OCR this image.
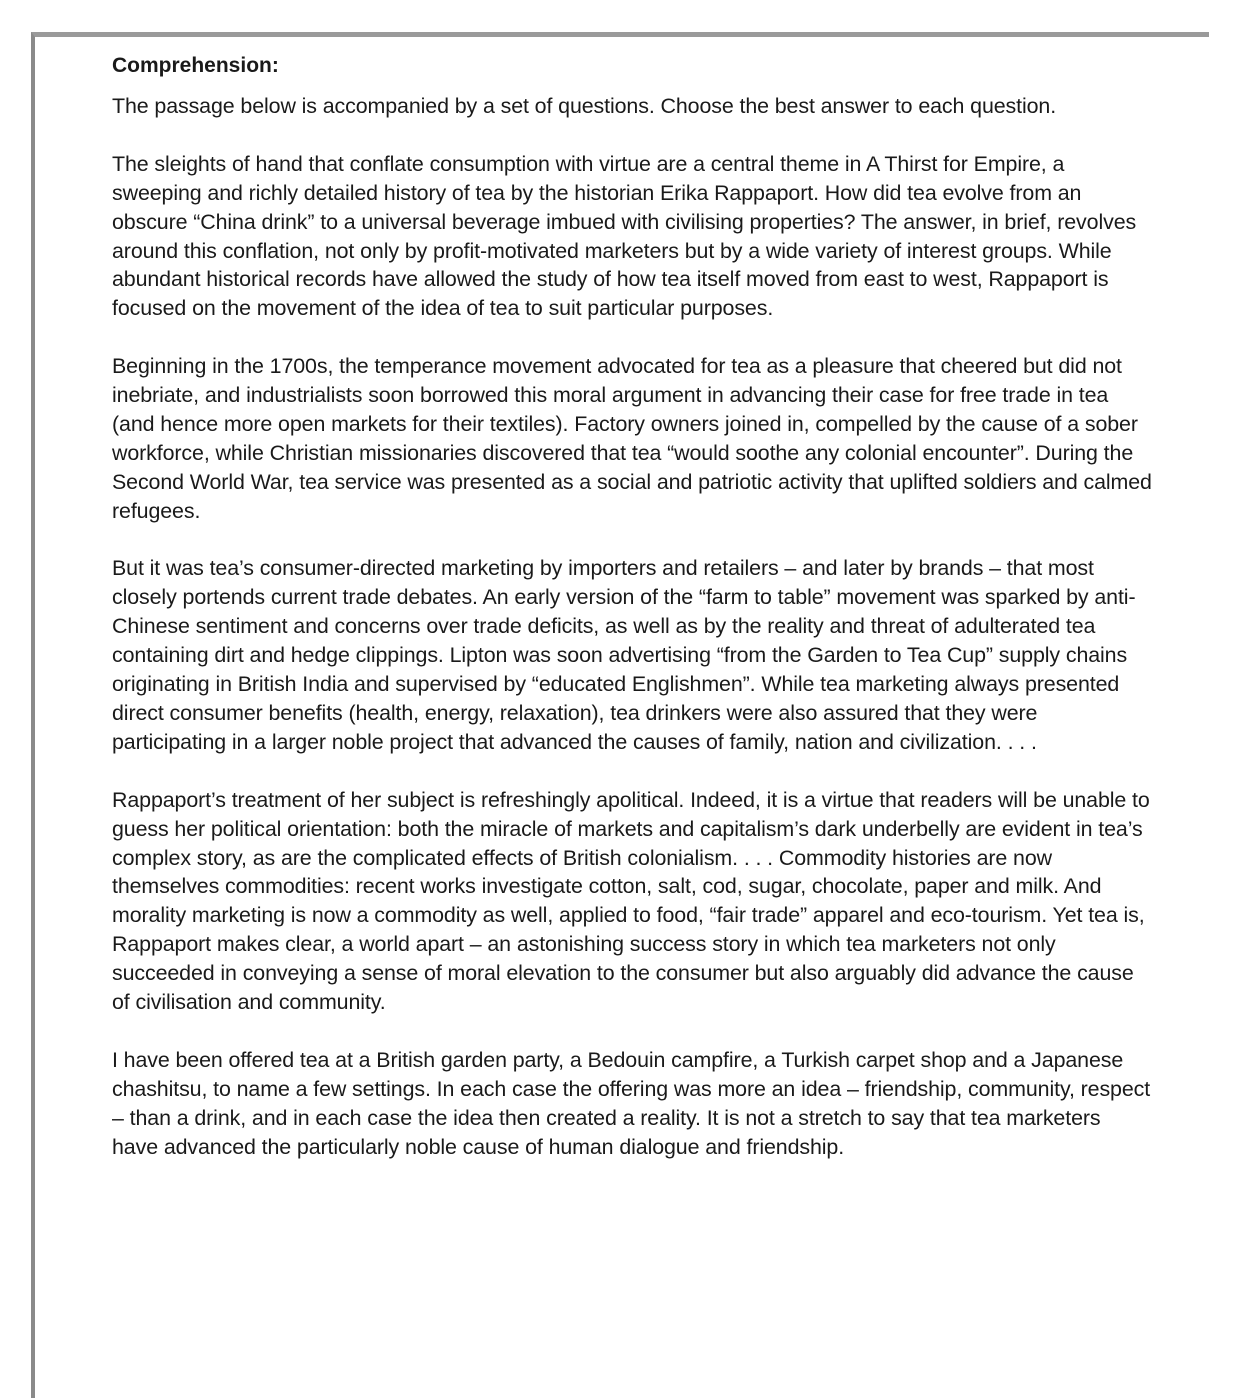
Comprehension:

The passage below is accompanied by a set of questions. Choose the best answer to each question.

The sleights of hand that conflate consumption with virtue are a central theme in A Thirst for Empire, a sweeping and richly detailed history of tea by the historian Erika Rappaport. How did tea evolve from an obscure “China drink” to a universal beverage imbued with civilising properties? The answer, in brief, revolves around this conflation, not only by profit-motivated marketers but by a wide variety of interest groups. While abundant historical records have allowed the study of how tea itself moved from east to west, Rappaport is focused on the movement of the idea of tea to suit particular purposes.

Beginning in the 1700s, the temperance movement advocated for tea as a pleasure that cheered but did not inebriate, and industrialists soon borrowed this moral argument in advancing their case for free trade in tea (and hence more open markets for their textiles). Factory owners joined in, compelled by the cause of a sober workforce, while Christian missionaries discovered that tea “would soothe any colonial encounter”. During the Second World War, tea service was presented as a social and patriotic activity that uplifted soldiers and calmed refugees.

But it was tea’s consumer-directed marketing by importers and retailers – and later by brands – that most closely portends current trade debates. An early version of the “farm to table” movement was sparked by anti-Chinese sentiment and concerns over trade deficits, as well as by the reality and threat of adulterated tea containing dirt and hedge clippings. Lipton was soon advertising “from the Garden to Tea Cup” supply chains originating in British India and supervised by “educated Englishmen”. While tea marketing always presented direct consumer benefits (health, energy, relaxation), tea drinkers were also assured that they were participating in a larger noble project that advanced the causes of family, nation and civilization. . . .

Rappaport’s treatment of her subject is refreshingly apolitical. Indeed, it is a virtue that readers will be unable to guess her political orientation: both the miracle of markets and capitalism’s dark underbelly are evident in tea’s complex story, as are the complicated effects of British colonialism. . . . Commodity histories are now themselves commodities: recent works investigate cotton, salt, cod, sugar, chocolate, paper and milk. And morality marketing is now a commodity as well, applied to food, “fair trade” apparel and eco-tourism. Yet tea is, Rappaport makes clear, a world apart – an astonishing success story in which tea marketers not only succeeded in conveying a sense of moral elevation to the consumer but also arguably did advance the cause of civilisation and community.

I have been offered tea at a British garden party, a Bedouin campfire, a Turkish carpet shop and a Japanese chashitsu, to name a few settings. In each case the offering was more an idea – friendship, community, respect – than a drink, and in each case the idea then created a reality. It is not a stretch to say that tea marketers have advanced the particularly noble cause of human dialogue and friendship.
